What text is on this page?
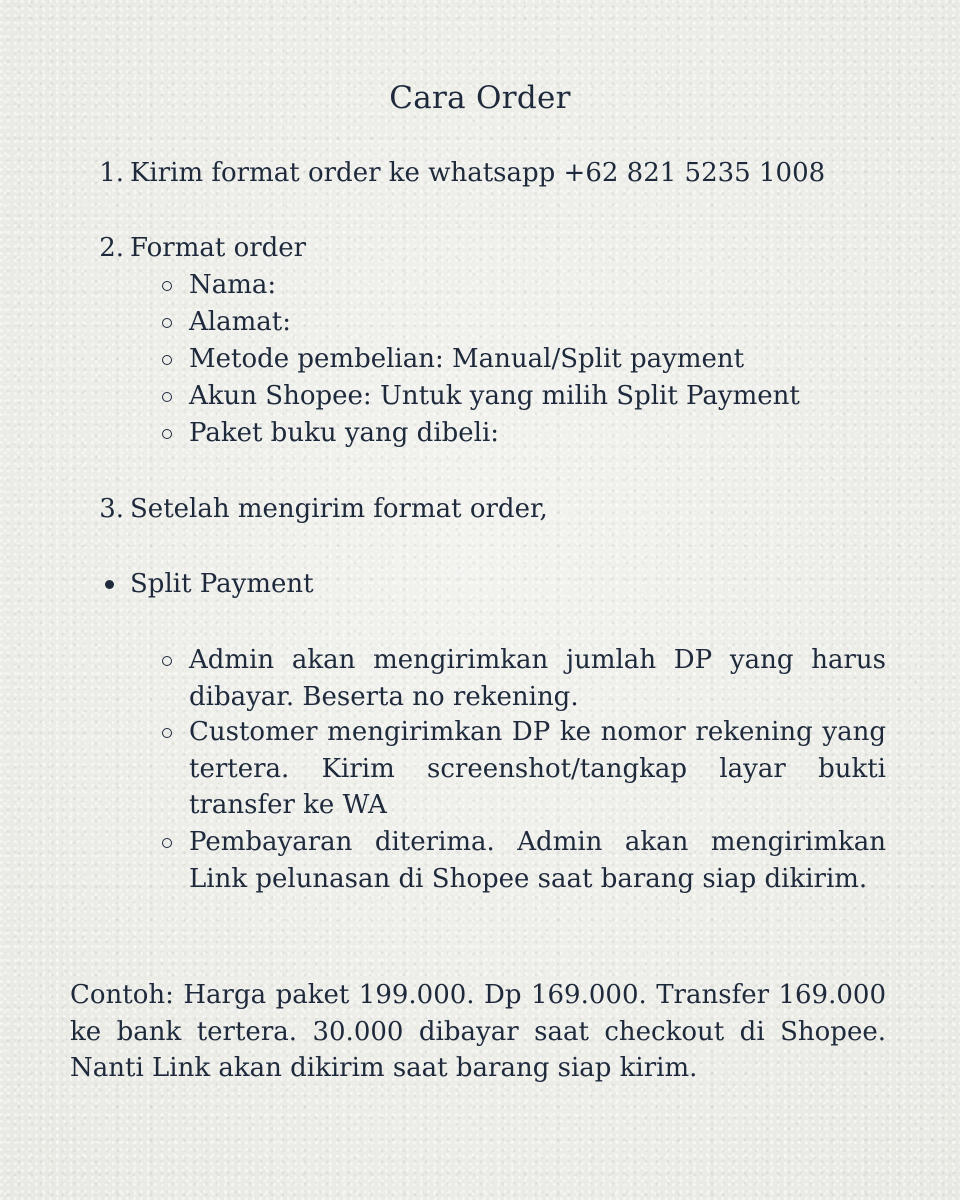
Cara Order
1. Kirim format order ke whatsapp +62 821 5235 1008
2. Format order
Nama:
Alamat:
Metode pembelian: Manual/Split payment
Akun Shopee: Untuk yang milih Split Payment
Paket buku yang dibeli:
3. Setelah mengirim format order,
Split Payment
Admin akan mengirimkan jumlah DP yang harus dibayar. Beserta no rekening.
Customer mengirimkan DP ke nomor rekening yang tertera. Kirim screenshot/tangkap layar bukti transfer ke WA
Pembayaran diterima. Admin akan mengirimkan Link pelunasan di Shopee saat barang siap dikirim.
Contoh: Harga paket 199.000. Dp 169.000. Transfer 169.000 ke bank tertera. 30.000 dibayar saat checkout di Shopee. Nanti Link akan dikirim saat barang siap kirim.
